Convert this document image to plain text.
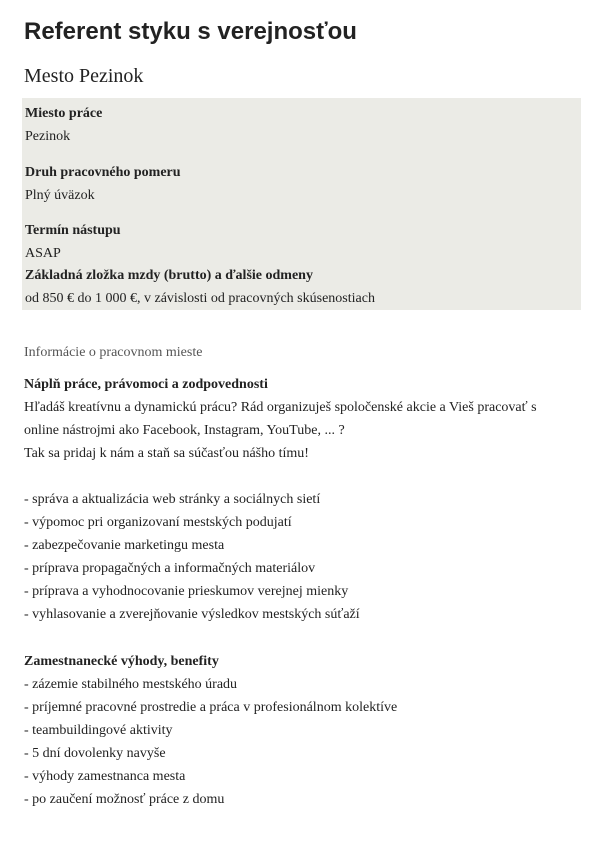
Referent styku s verejnosťou
Mesto Pezinok
Miesto práce
Pezinok
Druh pracovného pomeru
Plný úväzok
Termín nástupu
ASAP
Základná zložka mzdy (brutto) a ďalšie odmeny
od 850 € do 1 000 €, v závislosti od pracovných skúsenostiach
Informácie o pracovnom mieste
Náplň práce, právomoci a zodpovednosti
Hľadáš kreatívnu a dynamickú prácu? Rád organizuješ spoločenské akcie a Vieš pracovať s
online nástrojmi ako Facebook, Instagram, YouTube, ... ?
Tak sa pridaj k nám a staň sa súčasťou nášho tímu!
- správa a aktualizácia web stránky a sociálnych sietí
- výpomoc pri organizovaní mestských podujatí
- zabezpečovanie marketingu mesta
- príprava propagačných a informačných materiálov
- príprava a vyhodnocovanie prieskumov verejnej mienky
- vyhlasovanie a zverejňovanie výsledkov mestských súťaží
Zamestnanecké výhody, benefity
- zázemie stabilného mestského úradu
- príjemné pracovné prostredie a práca v profesionálnom kolektíve
- teambuildingové aktivity
- 5 dní dovolenky navyše
- výhody zamestnanca mesta
- po zaučení možnosť práce z domu
